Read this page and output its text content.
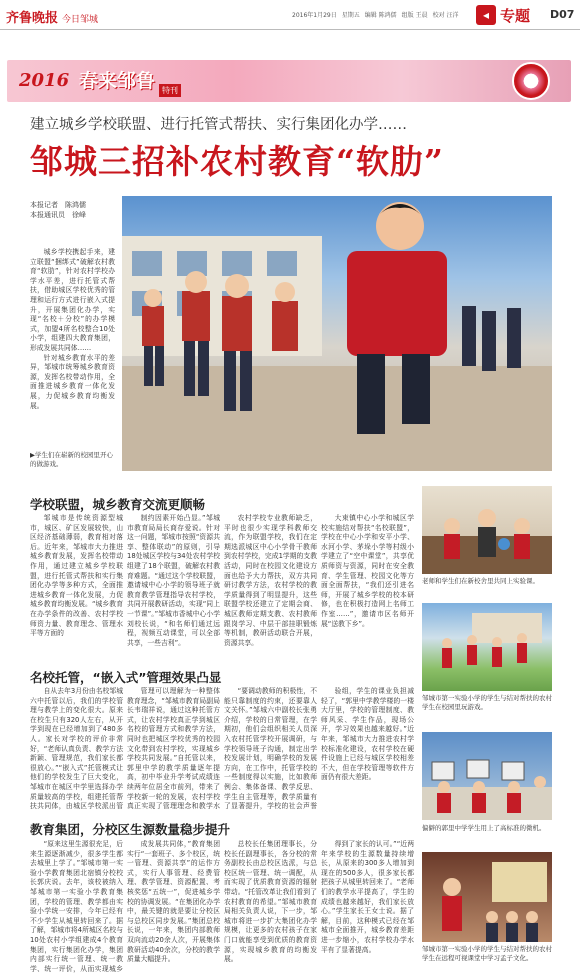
齐鲁晚报 今日邹城	2016年1月29日 星期五 编辑 陈鸿儒 组版 王晨 校对 汪洋	◂ 专题 D07
2016 春来邹鲁 特刊
建立城乡学校联盟、进行托管式帮扶、实行集团化办学……
邹城三招补农村教育“软肋”
本报记者　陈鸿儒
本报通讯员　徐峰

城乡学校携起手来，建立联盟“捆绑式”破解农村教育“软肋”，针对农村学校办学水平差，进行托管式帮扶，借助城区学校优秀的管理和运行方式进行嵌入式提升，开展集团化办学，实现“名校＋分校”的办学模式，加盟4所名校整合10处小学，组建四大教育集团，形成发展共同体……

针对城乡教育水平的差异，邹城市统筹城乡教育资源，发挥名校带动作用，全面推进城乡教育一体化发展，力促城乡教育均衡发展。

▶学生们在崭新的校园里开心的做游戏。
学校联盟，城乡教育交流更顺畅

邹城市是传统资源型城市，城区、矿区发展较快，山区经济基础薄弱，教育相对落后。近年来，邹城市大力推进城乡教育发展，发挥名校带动作用，通过建立城乡学校联盟，进行托管式帮扶和实行集团化办学等多种方式，全面推进城乡教育一体化发展，力促城乡教育均衡发展。“城乡教育在办学条件的改善、农村学校师资力量、教育理念、管理水平等方面的

制约因素开始凸显。”邹城市教育局局长商存爱说。针对这一问题，邹城市按照“资源共享、整体联动”的原则，引导18处城区学校与34处农村学校组建了18个联盟，破解农村教育难题。“通过这个学校联盟，邀请城中心小学的领导班子就教育教学管理指导农村学校，共同开展教研活动，实现“同上一节课”。”邹城市香城中心小学刘校长说，“和名师们通过远程，视频互动课堂，可以全部共享，一些吉利”。

农村学校专业教师缺乏，平时也很少实现学科教师交流，作为联盟学校，我们在定期选派城区中心小学骨干教师到农村学校，完成1学期的支教活动，同时在校园文化建设方面也给予大力帮扶，双方共同研讨教学方法，农村学校的教学质量得到了明显提升，这些联盟学校还建立了定期会商、城区教师定期支教、农村教师跟岗学习、中层干部挂职锻炼等机制，教研活动联合开展，资源共享。

大束镇中心小学和城区学校实施结对帮扶“名校联盟”，学校在中心小学和安平小学、水河小学、茅垛小学等村级小学建立了“空中课堂”，共享优质师资与资源，同时在安全教育、学生管理、校园文化等方面全面帮扶，“我们还引进名师，开展了城乡学校的校本研修，也在积极打造网上名师工作室……”，邀请市区名师开展“送教下乡”。

名校托管，“嵌入式”管理效果凸显

自从去年3月份由名校邹城六中托管以后，我们的学校管理与教学上的变化很大。原来在校生只有320人左右，从开学到现在已经增加到了480多人。家长对学校的评价非常好，“老师认真负责、教学方法新颖、管理规范，我们家长都很放心。”“嵌入式”托管模式让他们的学校发生了巨大变化，邹城市在城区中学里选择办学质量较高的学校，组建托管帮扶共同体，由城区学校派出管

管理可以理解为一种整体教育理念，“邹城市教育局副局长韦瑞祥说，通过这种托管方式，让农村学校真正学到城区名校的管理方式和教学方法，同时也把城区学校优秀的校园文化带到农村学校，实现城乡学校共同发展。”自托管以来，郭里中学的教学质量逐年提高，初中毕业升学考试成绩连续两年位居全市前列，带来了学校新一轮的发展，农村学校真正实现了管理理念和教学水

“要调动教师的积极性，不能只靠制度的约束，还要靠人文关怀。”邹城六中副校长张勇介绍，学校的日常管理，在学期初，他们会组织相关人员深入农村托管学校开展调研，与学校领导班子沟通，制定出学校发展计划，明确学校的发展方向，在工作中，托管学校的一些制度得以实施，比如教师例会、集体备课、教学反思、学生自主管理等，教学质量有了显著提升，学校的社会声誉

验组，学生的课业负担减轻了，“郭里中学教学楼的一楼大厅里，学校的管理制度、教师风采、学生作品，现场公开，学习效果也越来越好。”近年来，邹城市大力推进农村学校标准化建设，农村学校在硬件设施上已经与城区学校相差不大，但在学校管理等软件方面仍有很大差距。

教育集团，分校区生源数量稳步提升

“原来这里生源很充足，后来生源逐渐减少，很多学生都去城里上学了。”邹城市第一实验小学教育集团北宿镇分校校长郭庆说。去年，该校被纳入邹城市第一实验小学教育集团，学校的管理、教学都由实验小学统一安排，今年已经有不少学生从城里转回来了。据了解，邹城市将4所城区名校与10处农村小学组建成4个教育集团，实行集团化办学，集团内部实行统一管理、统一教学、统一评价，从而实现城乡

成发展共同体，”教育集团实行“一套班子、多个校区，统一管理、资源共享”的运作方式，实行人事管理、经费管理、教学管理、资源配置、考核奖惩“五统一”，促进城乡学校的协调发展。“在集团化办学中，最关键的就是要让分校区与总校区同步发展。”集团总校长说，一年来，集团内部教师双向流动20余人次，开展集体教研活动40余次，分校的教学质量大幅提升。

总校长任集团理事长，分校长任副理事长，各分校的常务副校长由总校区选派，与总校区统一管理、统一调配，从而实现了优质教育资源的辐射带动。“托管改革让我们看到了农村教育的希望。”邹城市教育局相关负责人说，下一步，邹城市将进一步扩大集团化办学规模，让更多的农村孩子在家门口就能享受到优质的教育资源，实现城乡教育的均衡发展。

得到了家长的认可。”“近两年来学校的生源数量持续增长，从原来的300多人增加到现在的500多人，很多家长都把孩子从城里转回来了。“老师们的教学水平提高了，学生的成绩也越来越好，我们家长放心。”学生家长王女士说。据了解，目前，这种模式已经在邹城市全面推开，城乡教育差距进一步缩小，农村学校办学水平有了显著提高。

老师和学生们在新校舍里共同上实验课。
邹城市第一实验小学的学生与结对帮扶的农村学生在校园里玩游戏。
偏僻的郭里中学学生用上了高标准的微机。
邹城市第一实验小学的学生与结对帮扶的农村学生在远程可视课堂中学习孟子文化。
